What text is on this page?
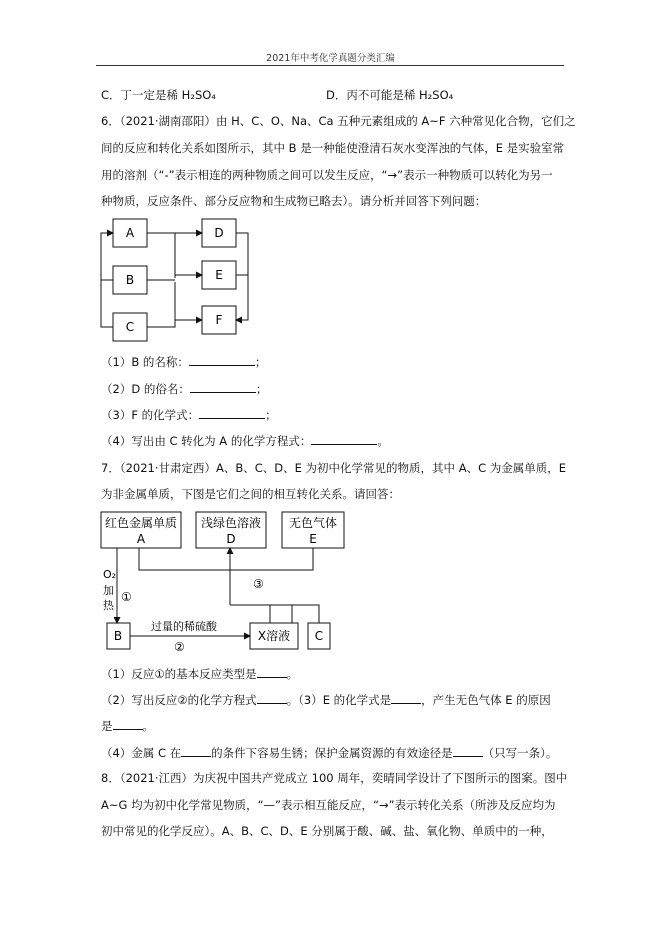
2021年中考化学真题分类汇编
C．丁一定是稀 H₂SO₄	D．丙不可能是稀 H₂SO₄
6．（2021·湖南邵阳）由 H、C、O、Na、Ca 五种元素组成的 A~F 六种常见化合物，它们之
间的反应和转化关系如图所示，其中 B 是一种能使澄清石灰水变浑浊的气体，E 是实验室常
用的溶剂（“-”表示相连的两种物质之间可以发生反应，“→”表示一种物质可以转化为另一
种物质，反应条件、部分反应物和生成物已略去）。请分析并回答下列问题：
A
B
C
D
E
F
红色金属单质
A
浅绿色溶液
D
无色气体
E
B	X溶液 C
O₂
加
热
①
②
③
过量的稀硫酸
（1）B 的名称：	；
（2）D 的俗名：	；
（3）F 的化学式：	；
（4）写出由 C 转化为 A 的化学方程式：	。
7．（2021·甘肃定西）A、B、C、D、E 为初中化学常见的物质，其中 A、C 为金属单质，E
为非金属单质，下图是它们之间的相互转化关系。请回答：
（1）反应①的基本反应类型是	。
（2）写出反应②的化学方程式	。（3）E 的化学式是	，产生无色气体 E 的原因
是	。
（4）金属 C 在	的条件下容易生锈；保护金属资源的有效途径是	（只写一条）。
8．（2021·江西）为庆祝中国共产党成立 100 周年，奕晴同学设计了下图所示的图案。图中
A~G 均为初中化学常见物质，“—”表示相互能反应，“→”表示转化关系（所涉及反应均为
初中常见的化学反应）。A、B、C、D、E 分别属于酸、碱、盐、氧化物、单质中的一种，
